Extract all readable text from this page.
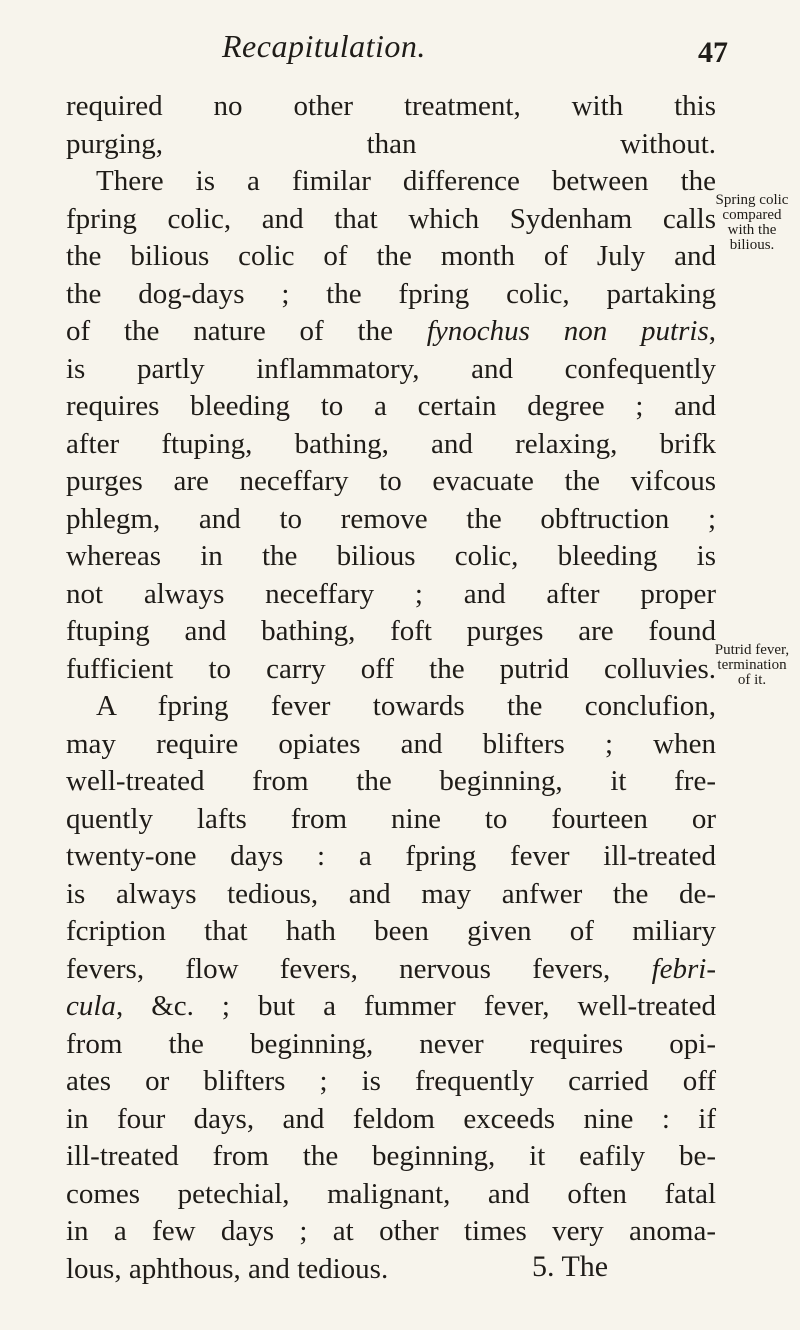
Recapitulation.	47
required no other treatment, with this
purging, than without.
There is a fimilar difference between the
fpring colic, and that which Sydenham calls
the bilious colic of the month of July and
the dog-days ; the fpring colic, partaking
of the nature of the fynochus non putris,
is partly inflammatory, and confequently
requires bleeding to a certain degree ; and
after ftuping, bathing, and relaxing, brifk
purges are neceffary to evacuate the vifcous
phlegm, and to remove the obftruction ;
whereas in the bilious colic, bleeding is
not always neceffary ; and after proper
ftuping and bathing, foft purges are found
fufficient to carry off the putrid colluvies.
A fpring fever towards the conclufion,
may require opiates and blifters ; when
well-treated from the beginning, it fre-
quently lafts from nine to fourteen or
twenty-one days : a fpring fever ill-treated
is always tedious, and may anfwer the de-
fcription that hath been given of miliary
fevers, flow fevers, nervous fevers, febri-
cula, &c. ; but a fummer fever, well-treated
from the beginning, never requires opi-
ates or blifters ; is frequently carried off
in four days, and feldom exceeds nine : if
ill-treated from the beginning, it eafily be-
comes petechial, malignant, and often fatal
in a few days ; at other times very anoma-
lous, aphthous, and tedious.
Spring colic
compared
with the
bilious.
Putrid fever,
termination
of it.
5. The
